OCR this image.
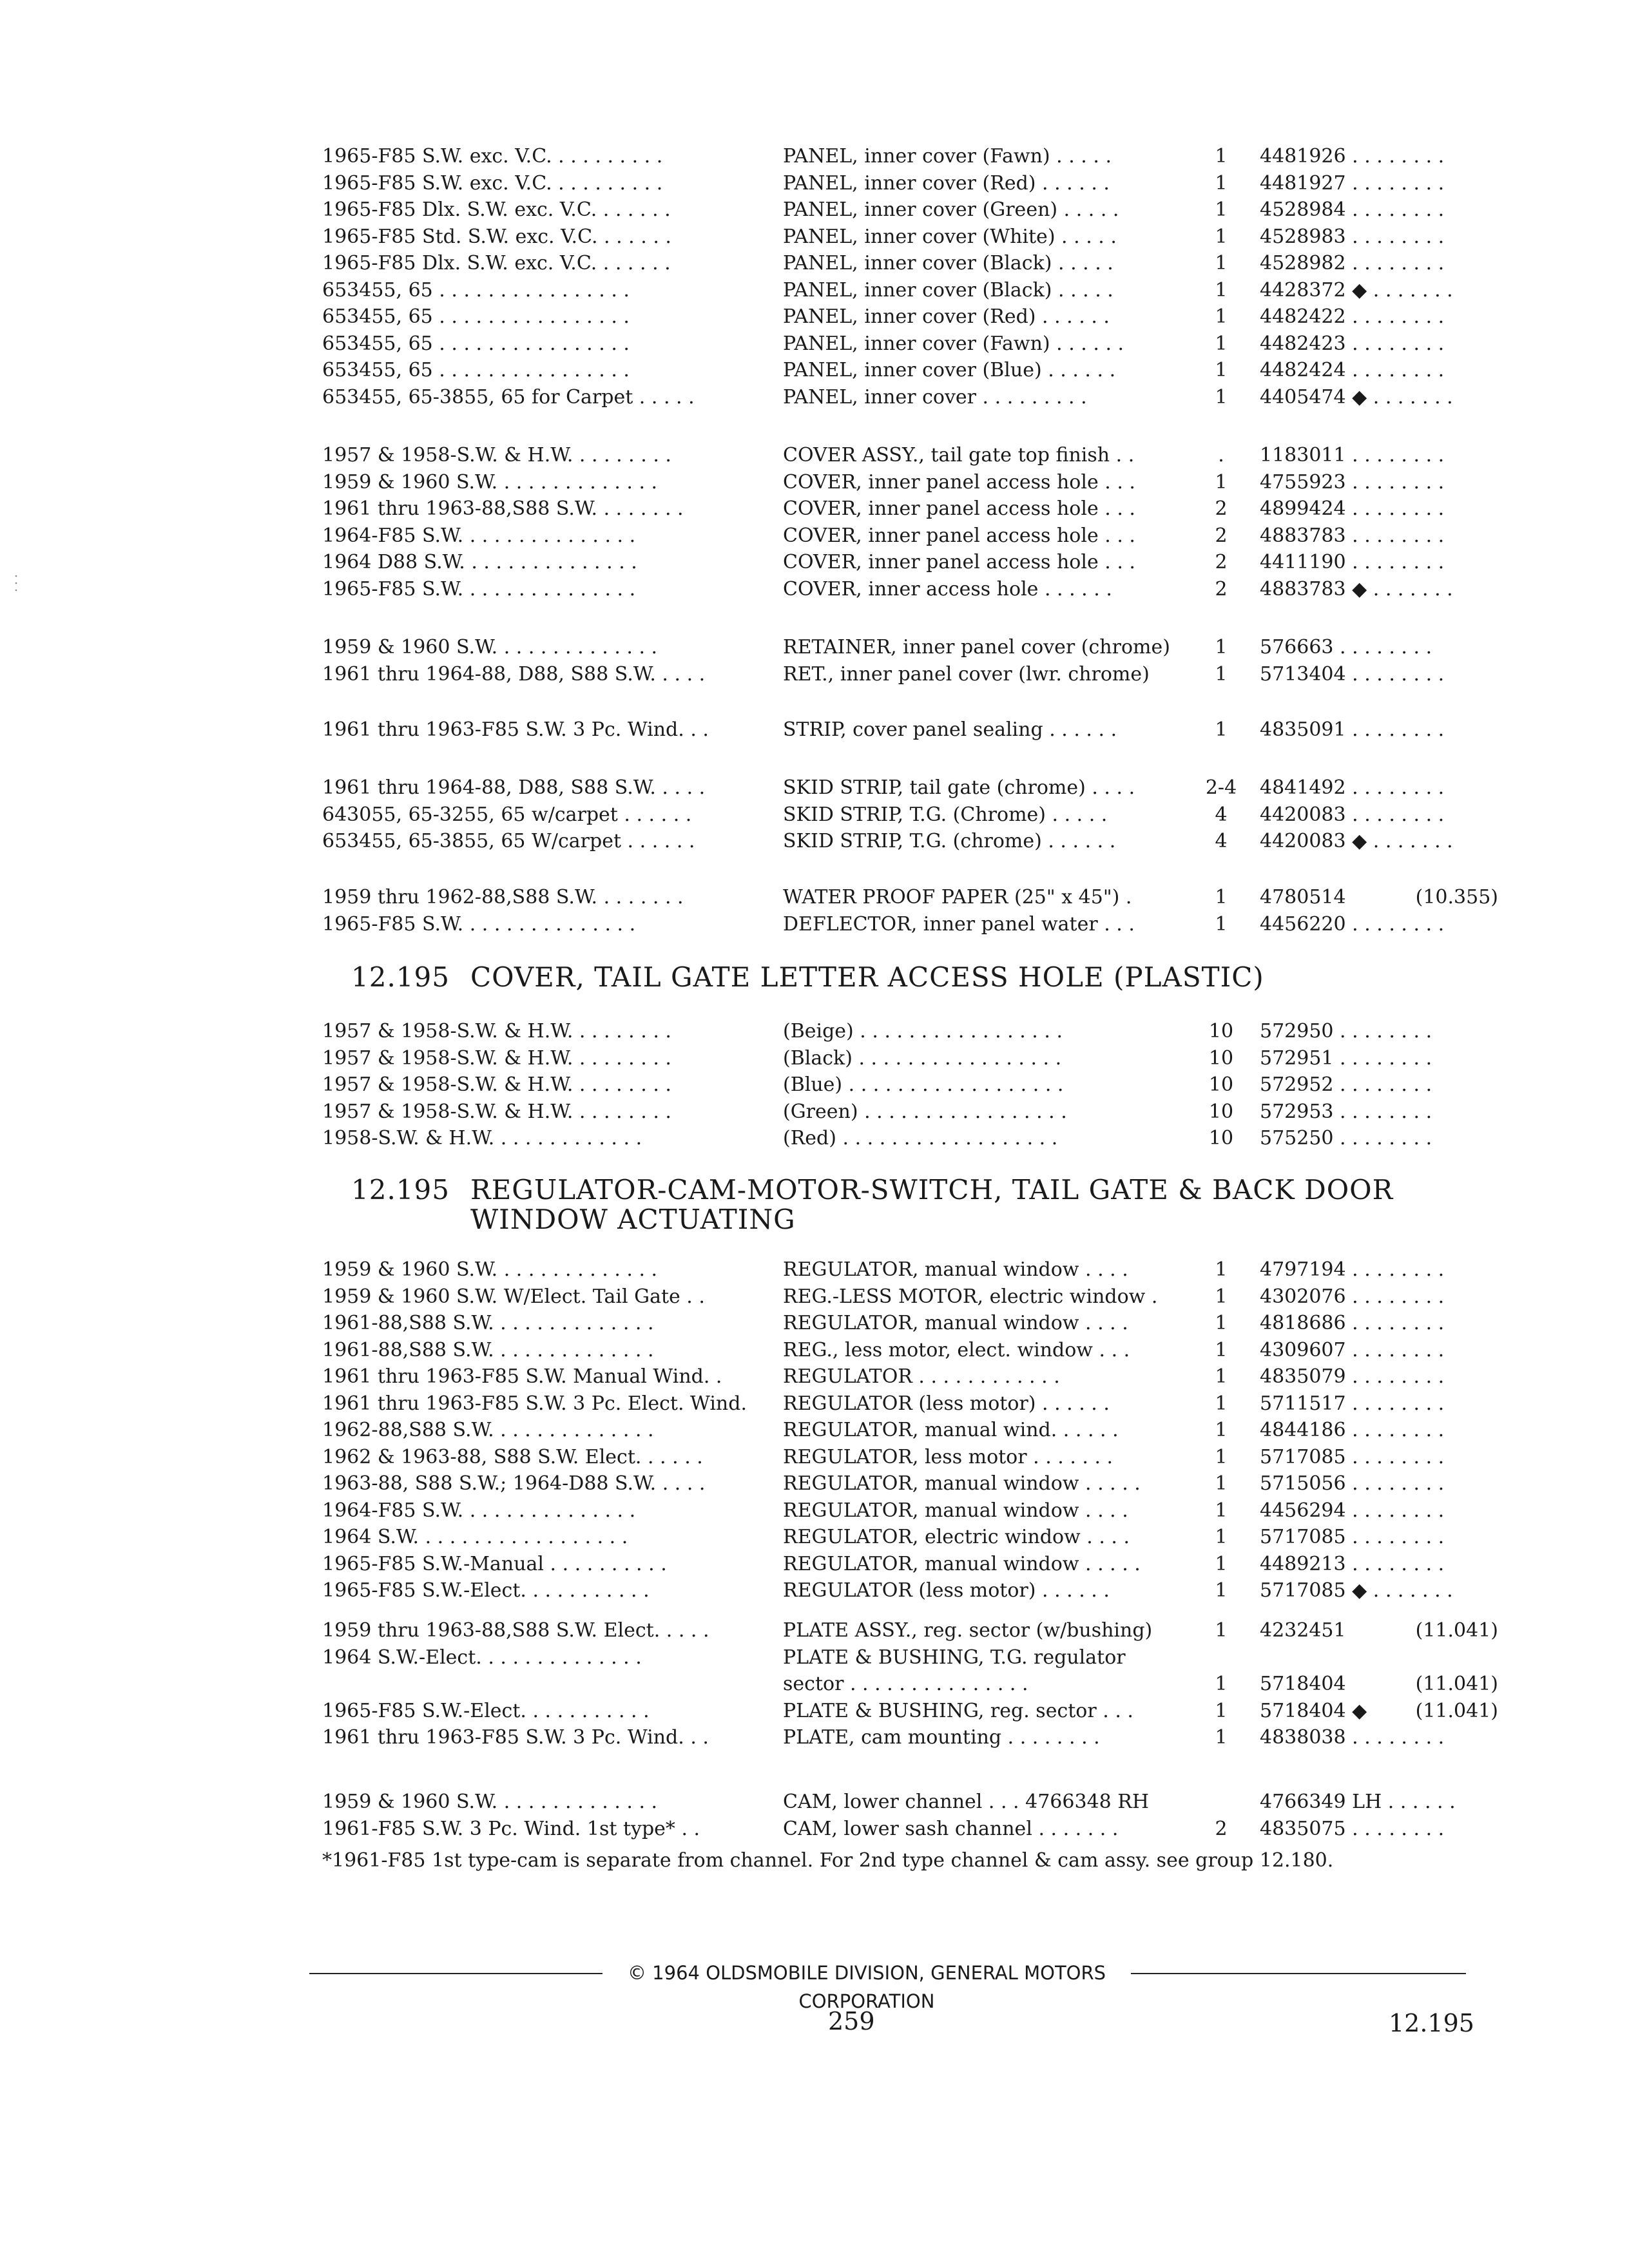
1965-F85 S.W. exc. V.C. . . . . . . . . .	PANEL, inner cover (Fawn) . . . . .	1	4481926 . . . . . . . .
1965-F85 S.W. exc. V.C. . . . . . . . . .	PANEL, inner cover (Red) . . . . . .	1	4481927 . . . . . . . .
1965-F85 Dlx. S.W. exc. V.C. . . . . . .	PANEL, inner cover (Green) . . . . .	1	4528984 . . . . . . . .
1965-F85 Std. S.W. exc. V.C. . . . . . .	PANEL, inner cover (White) . . . . .	1	4528983 . . . . . . . .
1965-F85 Dlx. S.W. exc. V.C. . . . . . .	PANEL, inner cover (Black) . . . . .	1	4528982 . . . . . . . .
653455, 65 . . . . . . . . . . . . . . . .	PANEL, inner cover (Black) . . . . .	1	4428372 ◆ . . . . . . .
653455, 65 . . . . . . . . . . . . . . . .	PANEL, inner cover (Red) . . . . . .	1	4482422 . . . . . . . .
653455, 65 . . . . . . . . . . . . . . . .	PANEL, inner cover (Fawn) . . . . . .	1	4482423 . . . . . . . .
653455, 65 . . . . . . . . . . . . . . . .	PANEL, inner cover (Blue) . . . . . .	1	4482424 . . . . . . . .
653455, 65-3855, 65 for Carpet . . . . .	PANEL, inner cover . . . . . . . . .	1	4405474 ◆ . . . . . . .
1957 & 1958-S.W. & H.W. . . . . . . . .	COVER ASSY., tail gate top finish . .	.	1183011 . . . . . . . .
1959 & 1960 S.W. . . . . . . . . . . . . .	COVER, inner panel access hole . . .	1	4755923 . . . . . . . .
1961 thru 1963-88,S88 S.W. . . . . . . .	COVER, inner panel access hole . . .	2	4899424 . . . . . . . .
1964-F85 S.W. . . . . . . . . . . . . . .	COVER, inner panel access hole . . .	2	4883783 . . . . . . . .
1964 D88 S.W. . . . . . . . . . . . . . .	COVER, inner panel access hole . . .	2	4411190 . . . . . . . .
1965-F85 S.W. . . . . . . . . . . . . . .	COVER, inner access hole . . . . . .	2	4883783 ◆ . . . . . . .
1959 & 1960 S.W. . . . . . . . . . . . . .	RETAINER, inner panel cover (chrome)	1	576663 . . . . . . . .
1961 thru 1964-88, D88, S88 S.W. . . . .	RET., inner panel cover (lwr. chrome)	1	5713404 . . . . . . . .
1961 thru 1963-F85 S.W. 3 Pc. Wind. . .	STRIP, cover panel sealing . . . . . .	1	4835091 . . . . . . . .
1961 thru 1964-88, D88, S88 S.W. . . . .	SKID STRIP, tail gate (chrome) . . . .	2-4	4841492 . . . . . . . .
643055, 65-3255, 65 w/carpet . . . . . .	SKID STRIP, T.G. (Chrome) . . . . .	4	4420083 . . . . . . . .
653455, 65-3855, 65 W/carpet . . . . . .	SKID STRIP, T.G. (chrome) . . . . . .	4	4420083 ◆ . . . . . . .
1959 thru 1962-88,S88 S.W. . . . . . . .	WATER PROOF PAPER (25" x 45") .	1	4780514	(10.355)
1965-F85 S.W. . . . . . . . . . . . . . .	DEFLECTOR, inner panel water . . .	1	4456220 . . . . . . . .
1957 & 1958-S.W. & H.W. . . . . . . . .	(Beige) . . . . . . . . . . . . . . . . .	10	572950 . . . . . . . .
1957 & 1958-S.W. & H.W. . . . . . . . .	(Black) . . . . . . . . . . . . . . . . .	10	572951 . . . . . . . .
1957 & 1958-S.W. & H.W. . . . . . . . .	(Blue) . . . . . . . . . . . . . . . . . .	10	572952 . . . . . . . .
1957 & 1958-S.W. & H.W. . . . . . . . .	(Green) . . . . . . . . . . . . . . . . .	10	572953 . . . . . . . .
1958-S.W. & H.W. . . . . . . . . . . . .	(Red) . . . . . . . . . . . . . . . . . .	10	575250 . . . . . . . .
1959 & 1960 S.W. . . . . . . . . . . . . .	REGULATOR, manual window . . . .	1	4797194 . . . . . . . .
1959 & 1960 S.W. W/Elect. Tail Gate . .	REG.-LESS MOTOR, electric window .	1	4302076 . . . . . . . .
1961-88,S88 S.W. . . . . . . . . . . . . .	REGULATOR, manual window . . . .	1	4818686 . . . . . . . .
1961-88,S88 S.W. . . . . . . . . . . . . .	REG., less motor, elect. window . . .	1	4309607 . . . . . . . .
1961 thru 1963-F85 S.W. Manual Wind. .	REGULATOR . . . . . . . . . . . .	1	4835079 . . . . . . . .
1961 thru 1963-F85 S.W. 3 Pc. Elect. Wind.	REGULATOR (less motor) . . . . . .	1	5711517 . . . . . . . .
1962-88,S88 S.W. . . . . . . . . . . . . .	REGULATOR, manual wind. . . . . .	1	4844186 . . . . . . . .
1962 & 1963-88, S88 S.W. Elect. . . . . .	REGULATOR, less motor . . . . . . .	1	5717085 . . . . . . . .
1963-88, S88 S.W.; 1964-D88 S.W. . . . .	REGULATOR, manual window . . . . .	1	5715056 . . . . . . . .
1964-F85 S.W. . . . . . . . . . . . . . .	REGULATOR, manual window . . . .	1	4456294 . . . . . . . .
1964 S.W. . . . . . . . . . . . . . . . . .	REGULATOR, electric window . . . .	1	5717085 . . . . . . . .
1965-F85 S.W.-Manual . . . . . . . . . .	REGULATOR, manual window . . . . .	1	4489213 . . . . . . . .
1965-F85 S.W.-Elect. . . . . . . . . . .	REGULATOR (less motor) . . . . . .	1	5717085 ◆ . . . . . . .
1959 thru 1963-88,S88 S.W. Elect. . . . .	PLATE ASSY., reg. sector (w/bushing)	1	4232451	(11.041)
1964 S.W.-Elect. . . . . . . . . . . . . .	PLATE & BUSHING, T.G. regulator
sector . . . . . . . . . . . . . . .	1	5718404	(11.041)
1965-F85 S.W.-Elect. . . . . . . . . . .	PLATE & BUSHING, reg. sector . . .	1	5718404 ◆	(11.041)
1961 thru 1963-F85 S.W. 3 Pc. Wind. . .	PLATE, cam mounting . . . . . . . .	1	4838038 . . . . . . . .
1959 & 1960 S.W. . . . . . . . . . . . . .	CAM, lower channel . . . 4766348 RH	4766349 LH . . . . . .
1961-F85 S.W. 3 Pc. Wind. 1st type* . .	CAM, lower sash channel . . . . . . .	2	4835075 . . . . . . . .
12.195 COVER, TAIL GATE LETTER ACCESS HOLE (PLASTIC)
12.195 REGULATOR-CAM-MOTOR-SWITCH, TAIL GATE & BACK DOOR
WINDOW ACTUATING
*1961-F85 1st type-cam is separate from channel. For 2nd type channel & cam assy. see group 12.180.
© 1964 OLDSMOBILE DIVISION, GENERAL MOTORS CORPORATION
259	12.195
